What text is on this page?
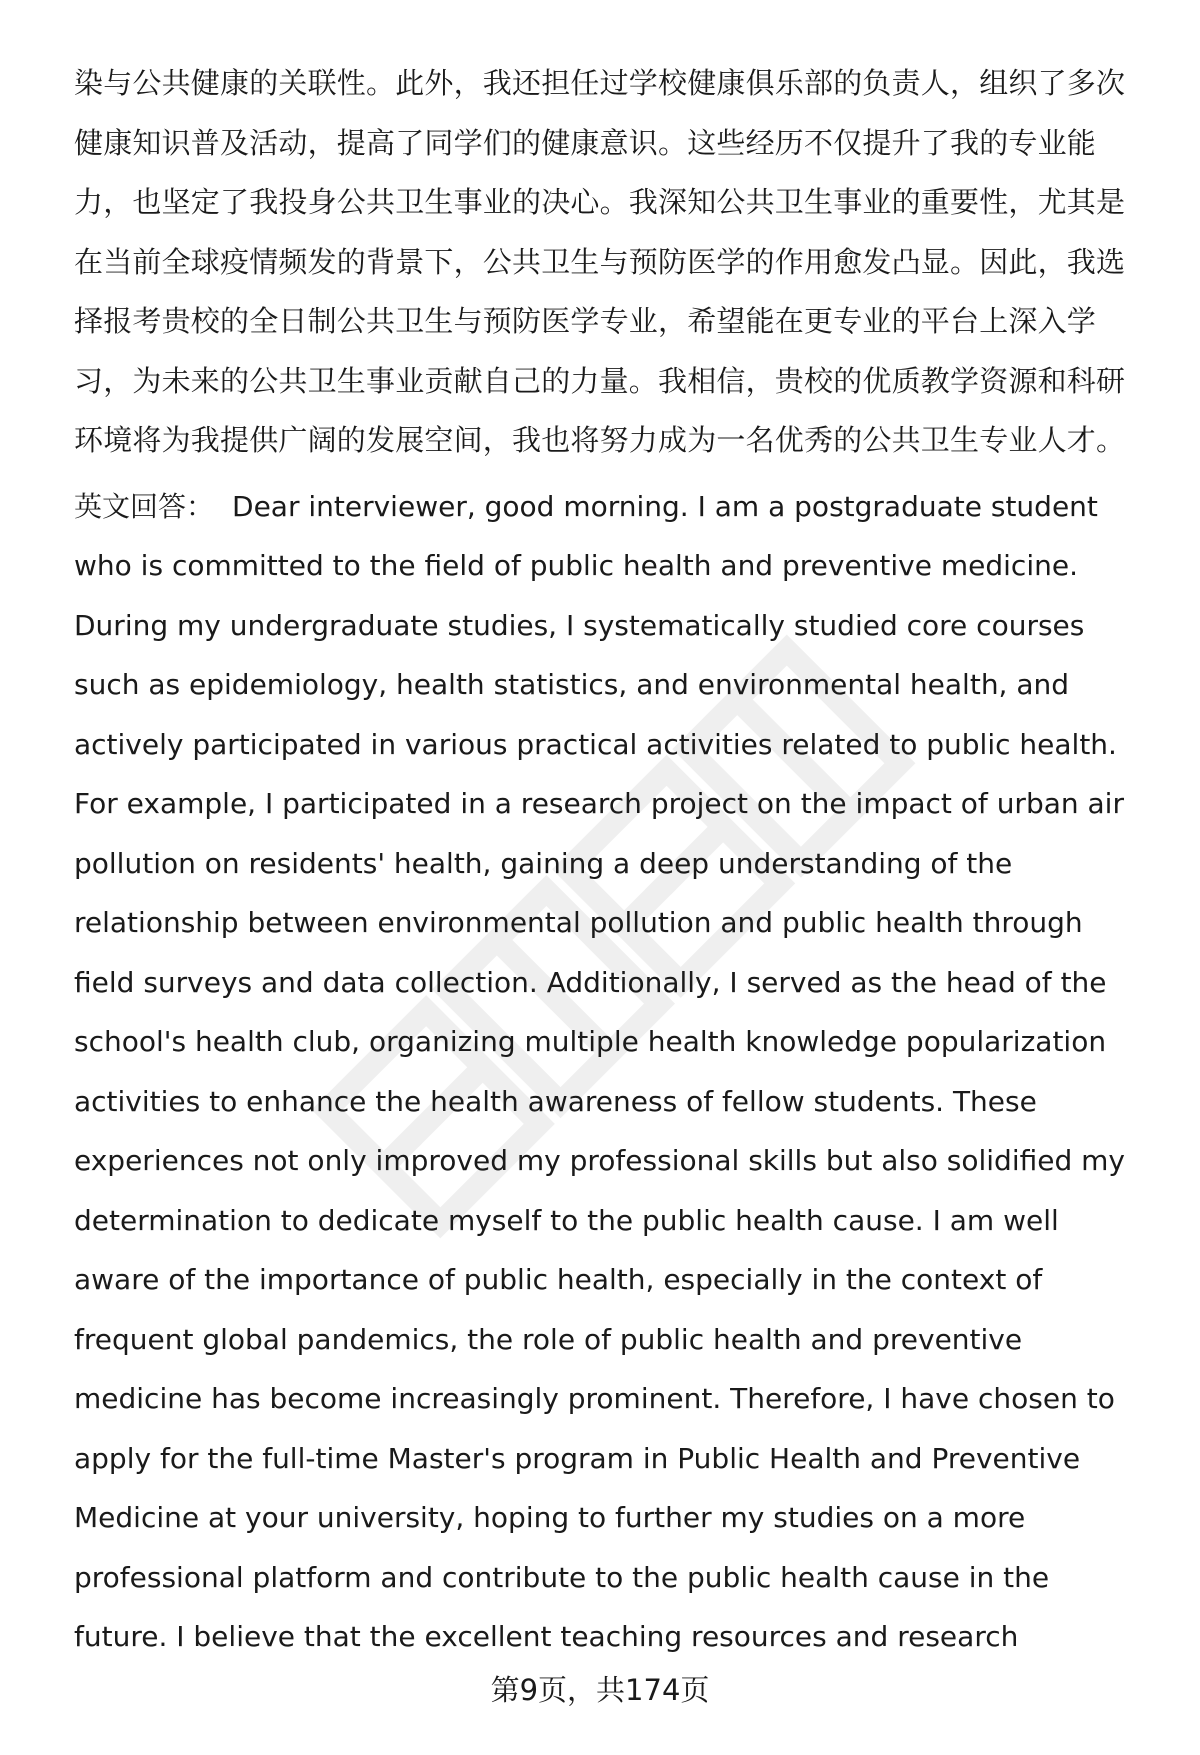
染与公共健康的关联性。此外，我还担任过学校健康俱乐部的负责人，组织了多次
健康知识普及活动，提高了同学们的健康意识。这些经历不仅提升了我的专业能
力，也坚定了我投身公共卫生事业的决心。我深知公共卫生事业的重要性，尤其是
在当前全球疫情频发的背景下，公共卫生与预防医学的作用愈发凸显。因此，我选
择报考贵校的全日制公共卫生与预防医学专业，希望能在更专业的平台上深入学
习，为未来的公共卫生事业贡献自己的力量。我相信，贵校的优质教学资源和科研
环境将为我提供广阔的发展空间，我也将努力成为一名优秀的公共卫生专业人才。

英文回答： Dear interviewer, good morning. I am a postgraduate student
who is committed to the field of public health and preventive medicine.
During my undergraduate studies, I systematically studied core courses
such as epidemiology, health statistics, and environmental health, and
actively participated in various practical activities related to public health.
For example, I participated in a research project on the impact of urban air
pollution on residents' health, gaining a deep understanding of the
relationship between environmental pollution and public health through
field surveys and data collection. Additionally, I served as the head of the
school's health club, organizing multiple health knowledge popularization
activities to enhance the health awareness of fellow students. These
experiences not only improved my professional skills but also solidified my
determination to dedicate myself to the public health cause. I am well
aware of the importance of public health, especially in the context of
frequent global pandemics, the role of public health and preventive
medicine has become increasingly prominent. Therefore, I have chosen to
apply for the full-time Master's program in Public Health and Preventive
Medicine at your university, hoping to further my studies on a more
professional platform and contribute to the public health cause in the
future. I believe that the excellent teaching resources and research

第9页，共174页
